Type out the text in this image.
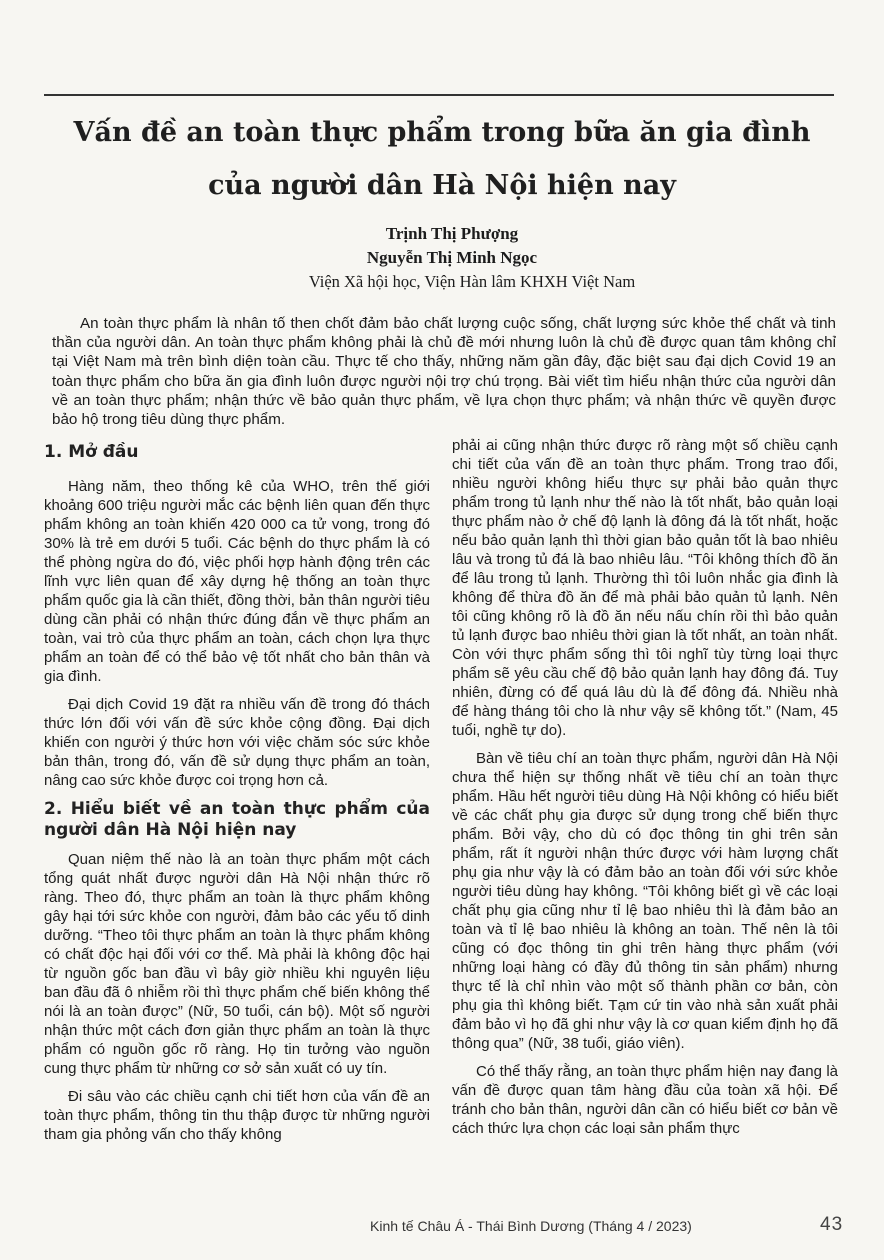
Vấn đề an toàn thực phẩm trong bữa ăn gia đình
của người dân Hà Nội hiện nay
Trịnh Thị Phượng
Nguyễn Thị Minh Ngọc
Viện Xã hội học, Viện Hàn lâm KHXH Việt Nam
An toàn thực phẩm là nhân tố then chốt đảm bảo chất lượng cuộc sống, chất lượng sức khỏe thể chất và tinh thần của người dân. An toàn thực phẩm không phải là chủ đề mới nhưng luôn là chủ đề được quan tâm không chỉ tại Việt Nam mà trên bình diện toàn cầu. Thực tế cho thấy, những năm gần đây, đặc biệt sau đại dịch Covid 19 an toàn thực phẩm cho bữa ăn gia đình luôn được người nội trợ chú trọng. Bài viết tìm hiểu nhận thức của người dân về an toàn thực phẩm; nhận thức về bảo quản thực phẩm, về lựa chọn thực phẩm; và nhận thức về quyền được bảo hộ trong tiêu dùng thực phẩm.
1. Mở đầu

Hàng năm, theo thống kê của WHO, trên thế giới khoảng 600 triệu người mắc các bệnh liên quan đến thực phẩm không an toàn khiến 420 000 ca tử vong, trong đó 30% là trẻ em dưới 5 tuổi. Các bệnh do thực phẩm là có thể phòng ngừa do đó, việc phối hợp hành động trên các lĩnh vực liên quan để xây dựng hệ thống an toàn thực phẩm quốc gia là cần thiết, đồng thời, bản thân người tiêu dùng cần phải có nhận thức đúng đắn về thực phẩm an toàn, vai trò của thực phẩm an toàn, cách chọn lựa thực phẩm an toàn để có thể bảo vệ tốt nhất cho bản thân và gia đình.

Đại dịch Covid 19 đặt ra nhiều vấn đề trong đó thách thức lớn đối với vấn đề sức khỏe cộng đồng. Đại dịch khiến con người ý thức hơn với việc chăm sóc sức khỏe bản thân, trong đó, vấn đề sử dụng thực phẩm an toàn, nâng cao sức khỏe được coi trọng hơn cả.

2. Hiểu biết về an toàn thực phẩm của người dân Hà Nội hiện nay

Quan niệm thế nào là an toàn thực phẩm một cách tổng quát nhất được người dân Hà Nội nhận thức rõ ràng. Theo đó, thực phẩm an toàn là thực phẩm không gây hại tới sức khỏe con người, đảm bảo các yếu tố dinh dưỡng. “Theo tôi thực phẩm an toàn là thực phẩm không có chất độc hại đối với cơ thể. Mà phải là không độc hại từ nguồn gốc ban đầu vì bây giờ nhiều khi nguyên liệu ban đầu đã ô nhiễm rồi thì thực phẩm chế biến không thể nói là an toàn được” (Nữ, 50 tuổi, cán bộ). Một số người nhận thức một cách đơn giản thực phẩm an toàn là thực phẩm có nguồn gốc rõ ràng. Họ tin tưởng vào nguồn cung thực phẩm từ những cơ sở sản xuất có uy tín.

Đi sâu vào các chiều cạnh chi tiết hơn của vấn đề an toàn thực phẩm, thông tin thu thập được từ những người tham gia phỏng vấn cho thấy không

phải ai cũng nhận thức được rõ ràng một số chiều cạnh chi tiết của vấn đề an toàn thực phẩm. Trong trao đổi, nhiều người không hiểu thực sự phải bảo quản thực phẩm trong tủ lạnh như thế nào là tốt nhất, bảo quản loại thực phẩm nào ở chế độ lạnh là đông đá là tốt nhất, hoặc nếu bảo quản lạnh thì thời gian bảo quản tốt là bao nhiêu lâu và trong tủ đá là bao nhiêu lâu. “Tôi không thích đồ ăn để lâu trong tủ lạnh. Thường thì tôi luôn nhắc gia đình là không để thừa đồ ăn để mà phải bảo quản tủ lạnh. Nên tôi cũng không rõ là đồ ăn nếu nấu chín rồi thì bảo quản tủ lạnh được bao nhiêu thời gian là tốt nhất, an toàn nhất. Còn với thực phẩm sống thì tôi nghĩ tùy từng loại thực phẩm sẽ yêu cầu chế độ bảo quản lạnh hay đông đá. Tuy nhiên, đừng có để quá lâu dù là để đông đá. Nhiều nhà để hàng tháng tôi cho là như vậy sẽ không tốt.” (Nam, 45 tuổi, nghề tự do).

Bàn về tiêu chí an toàn thực phẩm, người dân Hà Nội chưa thể hiện sự thống nhất về tiêu chí an toàn thực phẩm. Hầu hết người tiêu dùng Hà Nội không có hiểu biết về các chất phụ gia được sử dụng trong chế biến thực phẩm. Bởi vậy, cho dù có đọc thông tin ghi trên sản phẩm, rất ít người nhận thức được với hàm lượng chất phụ gia như vậy là có đảm bảo an toàn đối với sức khỏe người tiêu dùng hay không. “Tôi không biết gì về các loại chất phụ gia cũng như tỉ lệ bao nhiêu thì là đảm bảo an toàn và tỉ lệ bao nhiêu là không an toàn. Thế nên là tôi cũng có đọc thông tin ghi trên hàng thực phẩm (với những loại hàng có đầy đủ thông tin sản phẩm) nhưng thực tế là chỉ nhìn vào một số thành phần cơ bản, còn phụ gia thì không biết. Tạm cứ tin vào nhà sản xuất phải đảm bảo vì họ đã ghi như vậy là cơ quan kiểm định họ đã thông qua” (Nữ, 38 tuổi, giáo viên).

Có thể thấy rằng, an toàn thực phẩm hiện nay đang là vấn đề được quan tâm hàng đầu của toàn xã hội. Để tránh cho bản thân, người dân cần có hiểu biết cơ bản về cách thức lựa chọn các loại sản phẩm thực

Kinh tế Châu Á - Thái Bình Dương (Tháng 4 / 2023)	43
